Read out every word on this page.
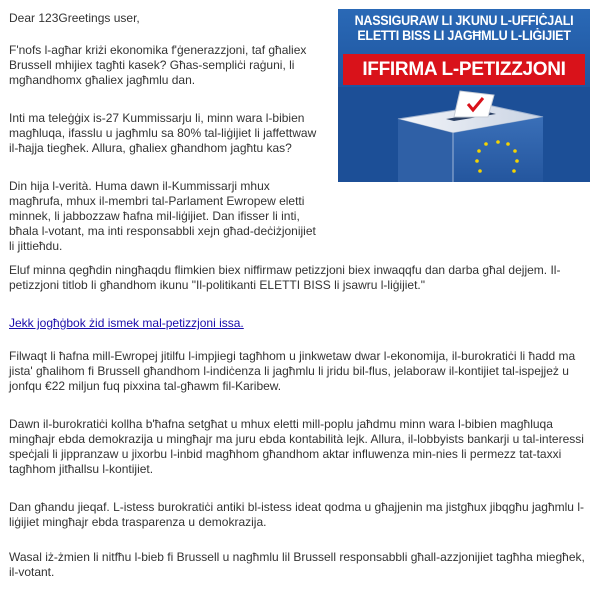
Dear 123Greetings user,

F'nofs l-agħar kriżi ekonomika f'ġenerazzjoni, taf għaliex Brussell mhijiex tagħti kasek? Għas-sempliċi raġuni, li mgħandhomx għaliex jagħmlu dan.

Inti ma teleġġix is-27 Kummissarju li, minn wara l-bibien magħluqa, ifasslu u jagħmlu sa 80% tal-liġijiet li jaffettwaw il-ħajja tiegħek. Allura, għaliex għandhom jagħtu kas?

Din hija l-verità. Huma dawn il-Kummissarji mhux magħrufa, mhux il-membri tal-Parlament Ewropew eletti minnek, li jabbozzaw ħafna mil-liġijiet. Dan ifisser li inti, bħala l-votant, ma inti responsabbli xejn għad-deċiżjonijiet li jittieħdu.

Eluf minna qegħdin ningħaqdu flimkien biex niffirmaw petizzjoni biex inwaqqfu dan darba għal dejjem. Il-petizzjoni titlob li għandhom ikunu "Il-politikanti ELETTI BISS li jsawru l-liġijiet."

Jekk jogħġbok żid ismek mal-petizzjoni issa.

Filwaqt li ħafna mill-Ewropej jitilfu l-impjiegi tagħhom u jinkwetaw dwar l-ekonomija, il-burokratiċi li ħadd ma jista' għalihom fi Brussell għandhom l-indiċenza li jagħmlu li jridu bil-flus, jelaboraw il-kontijiet tal-ispejjeż u jonfqu €22 miljun fuq pixxina tal-għawm fil-Karibew.

Dawn il-burokratiċi kollha b'ħafna setgħat u mhux eletti mill-poplu jaħdmu minn wara l-bibien magħluqa mingħajr ebda demokrazija u mingħajr ma juru ebda kontabilità lejk. Allura, il-lobbyists bankarji u tal-interessi speċjali li jippranzaw u jixorbu l-inbid magħhom għandhom aktar influwenza min-nies li permezz tat-taxxi tagħhom jitħallsu l-kontijiet.

Dan għandu jieqaf. L-istess burokratiċi antiki bl-istess ideat qodma u għajjenin ma jistgħux jibqgħu jagħmlu l-liġijiet mingħajr ebda trasparenza u demokrazija.

Wasal iż-żmien li nitfħu l-bieb fi Brussell u nagħmlu lil Brussell responsabbli għall-azzjonijiet tagħha miegħek, il-votant.

NASSIGURAW LI JKUNU L-UFFIĊJALI
ELETTI BISS LI JAGĦMLU L-LIĠIJIET
IFFIRMA L-PETIZZJONI
